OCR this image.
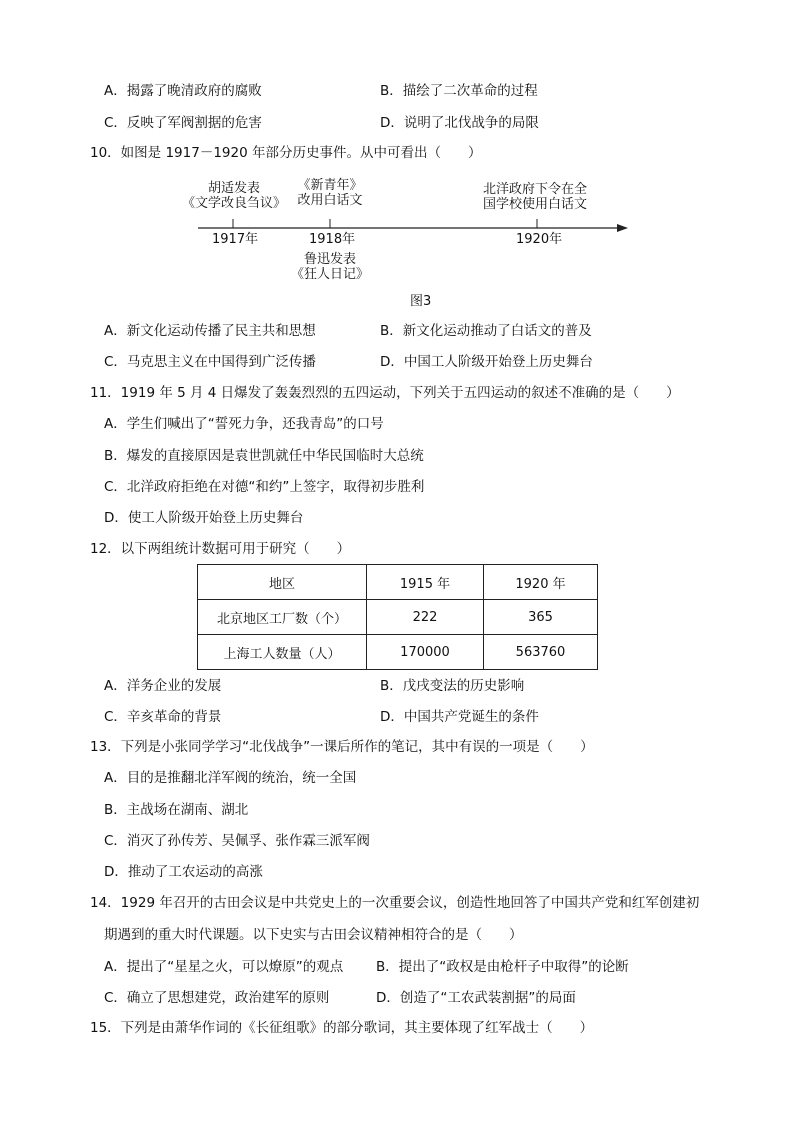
A．揭露了晚清政府的腐败	B．描绘了二次革命的过程
C．反映了军阀割据的危害	D．说明了北伐战争的局限
10．如图是 1917－1920 年部分历史事件。从中可看出（　　）
胡适发表
《文学改良刍议》
《新青年》
改用白话文
北洋政府下令在全
国学校使用白话文
1917年	1918年	1920年
鲁迅发表
《狂人日记》
图3
A．新文化运动传播了民主共和思想	B．新文化运动推动了白话文的普及
C．马克思主义在中国得到广泛传播	D．中国工人阶级开始登上历史舞台
11．1919 年 5 月 4 日爆发了轰轰烈烈的五四运动，下列关于五四运动的叙述不准确的是（　　）
A．学生们喊出了“誓死力争，还我青岛”的口号
B．爆发的直接原因是袁世凯就任中华民国临时大总统
C．北洋政府拒绝在对德“和约”上签字，取得初步胜利
D．使工人阶级开始登上历史舞台
12．以下两组统计数据可用于研究（　　）
地区	1915 年	1920 年
北京地区工厂数（个）	222	365
上海工人数量（人）	170000	563760
A．洋务企业的发展	B．戊戌变法的历史影响
C．辛亥革命的背景	D．中国共产党诞生的条件
13．下列是小张同学学习“北伐战争”一课后所作的笔记，其中有误的一项是（　　）
A．目的是推翻北洋军阀的统治，统一全国
B．主战场在湖南、湖北
C．消灭了孙传芳、吴佩孚、张作霖三派军阀
D．推动了工农运动的高涨
14．1929 年召开的古田会议是中共党史上的一次重要会议，创造性地回答了中国共产党和红军创建初
期遇到的重大时代课题。以下史实与古田会议精神相符合的是（　　）
A．提出了“星星之火，可以燎原”的观点 B．提出了“政权是由枪杆子中取得”的论断
C．确立了思想建党，政治建军的原则	D．创造了“工农武装割据”的局面
15．下列是由萧华作词的《长征组歌》的部分歌词，其主要体现了红军战士（　　）
